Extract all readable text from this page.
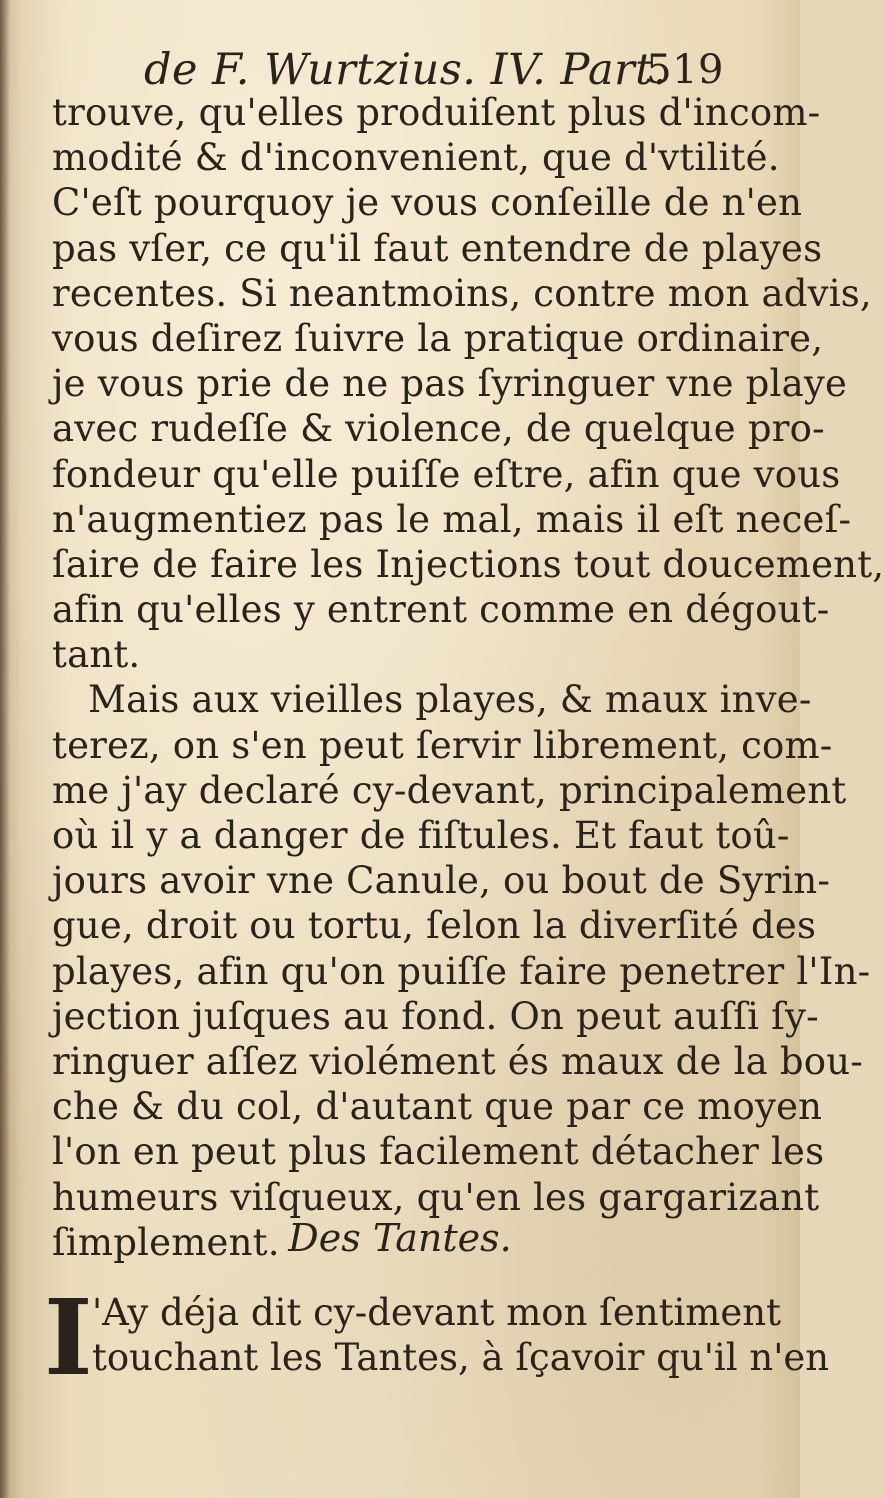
de F. Wurtzius. IV. Part.
519
trouve, qu'elles produiſent plus d'incom-
modité & d'inconvenient, que d'vtilité.
C'eſt pourquoy je vous conſeille de n'en
pas vſer, ce qu'il faut entendre de playes
recentes. Si neantmoins, contre mon advis,
vous deſirez ſuivre la pratique ordinaire,
je vous prie de ne pas ſyringuer vne playe
avec rudeſſe & violence, de quelque pro-
fondeur qu'elle puiſſe eſtre, afin que vous
n'augmentiez pas le mal, mais il eſt neceſ-
ſaire de faire les Injections tout doucement,
afin qu'elles y entrent comme en dégout-
tant.
Mais aux vieilles playes, & maux inve-
terez, on s'en peut ſervir librement, com-
me j'ay declaré cy-devant, principalement
où il y a danger de fiſtules. Et faut toû-
jours avoir vne Canule, ou bout de Syrin-
gue, droit ou tortu, ſelon la diverſité des
playes, afin qu'on puiſſe faire penetrer l'In-
jection juſques au fond. On peut auſſi ſy-
ringuer aſſez violément és maux de la bou-
che & du col, d'autant que par ce moyen
l'on en peut plus facilement détacher les
humeurs viſqueux, qu'en les gargarizant
ſimplement. Des Tantes.
I 'Ay déja dit cy-devant mon ſentiment
touchant les Tantes, à ſçavoir qu'il n'en
